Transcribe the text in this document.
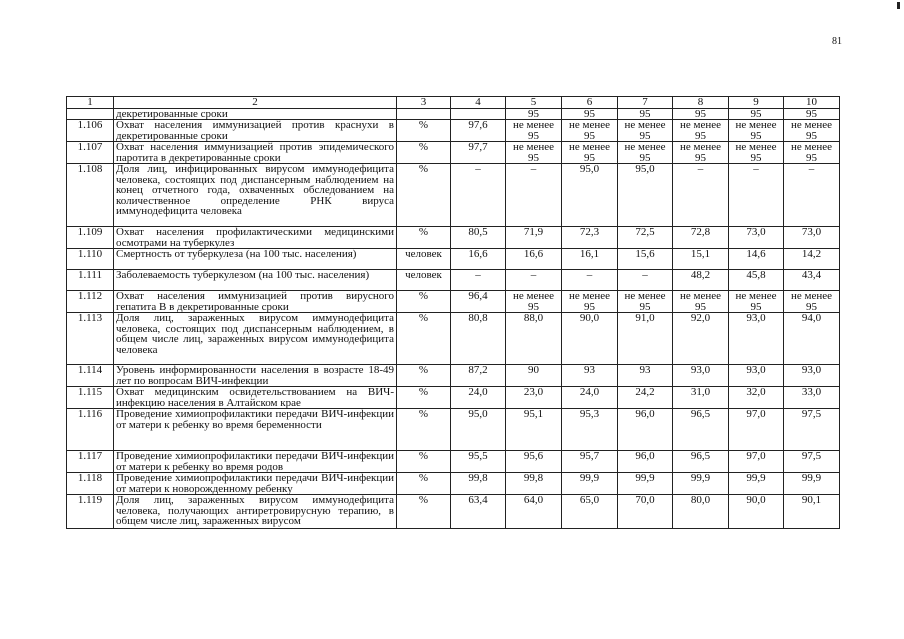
81
1	2	3	4	5	6	7	8	9	10
	декретированные сроки			95	95	95	95	95	95
1.106	Охват населения иммунизацией против краснухи в декретированные сроки	%	97,6	не менее 95	не менее 95	не менее 95	не менее 95	не менее 95	не менее 95
1.107	Охват населения иммунизацией против эпидемического паротита в декретированные сроки	%	97,7	не менее 95	не менее 95	не менее 95	не менее 95	не менее 95	не менее 95
1.108	Доля лиц, инфицированных вирусом иммунодефицита человека, состоящих под диспансерным наблюдением на конец отчетного года, охваченных обследованием на количественное определение РНК вируса иммунодефицита человека	%	–	–	95,0	95,0	–	–	–
1.109	Охват населения профилактическими медицинскими осмотрами на туберкулез	%	80,5	71,9	72,3	72,5	72,8	73,0	73,0
1.110	Смертность от туберкулеза (на 100 тыс. населения)	человек	16,6	16,6	16,1	15,6	15,1	14,6	14,2
1.111	Заболеваемость туберкулезом (на 100 тыс. населения)	человек	–	–	–	–	48,2	45,8	43,4
1.112	Охват населения иммунизацией против вирусного гепатита В в декретированные сроки	%	96,4	не менее 95	не менее 95	не менее 95	не менее 95	не менее 95	не менее 95
1.113	Доля лиц, зараженных вирусом иммунодефицита человека, состоящих под диспансерным наблюдением, в общем числе лиц, зараженных вирусом иммунодефицита человека	%	80,8	88,0	90,0	91,0	92,0	93,0	94,0
1.114	Уровень информированности населения в возрасте 18-49 лет по вопросам ВИЧ-инфекции	%	87,2	90	93	93	93,0	93,0	93,0
1.115	Охват медицинским освидетельствованием на ВИЧ-инфекцию населения в Алтайском крае	%	24,0	23,0	24,0	24,2	31,0	32,0	33,0
1.116	Проведение химиопрофилактики передачи ВИЧ-инфекции от матери к ребенку во время беременности	%	95,0	95,1	95,3	96,0	96,5	97,0	97,5
1.117	Проведение химиопрофилактики передачи ВИЧ-инфекции от матери к ребенку во время родов	%	95,5	95,6	95,7	96,0	96,5	97,0	97,5
1.118	Проведение химиопрофилактики передачи ВИЧ-инфекции от матери к новорожденному ребенку	%	99,8	99,8	99,9	99,9	99,9	99,9	99,9
1.119	Доля лиц, зараженных вирусом иммунодефицита человека, получающих антиретровирусную терапию, в общем числе лиц, зараженных вирусом	%	63,4	64,0	65,0	70,0	80,0	90,0	90,1
